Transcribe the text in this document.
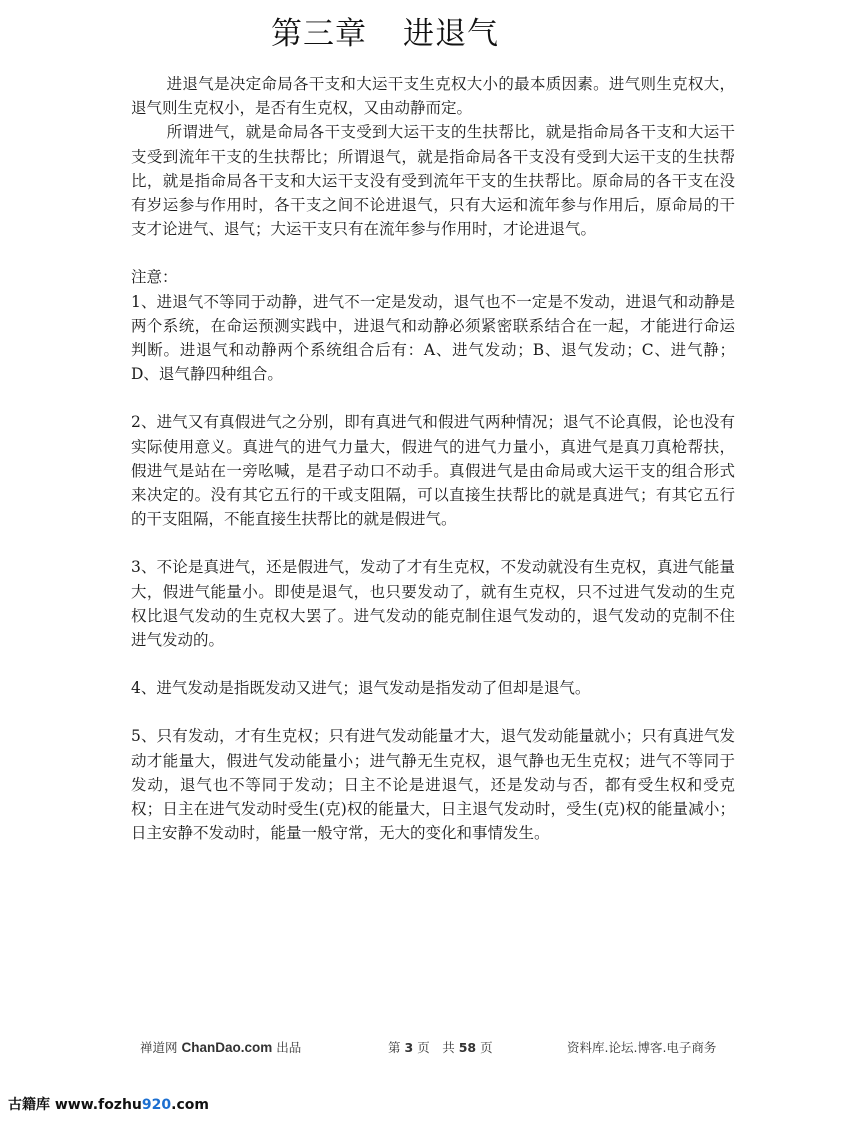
第三章 进退气

进退气是决定命局各干支和大运干支生克权大小的最本质因素。进气则生克权大，退气则生克权小，是否有生克权，又由动静而定。

所谓进气，就是命局各干支受到大运干支的生扶帮比，就是指命局各干支和大运干支受到流年干支的生扶帮比；所谓退气，就是指命局各干支没有受到大运干支的生扶帮比，就是指命局各干支和大运干支没有受到流年干支的生扶帮比。原命局的各干支在没有岁运参与作用时，各干支之间不论进退气，只有大运和流年参与作用后，原命局的干支才论进气、退气；大运干支只有在流年参与作用时，才论进退气。

注意：

1、进退气不等同于动静，进气不一定是发动，退气也不一定是不发动，进退气和动静是两个系统，在命运预测实践中，进退气和动静必须紧密联系结合在一起，才能进行命运判断。进退气和动静两个系统组合后有：A、进气发动；B、退气发动；C、进气静；D、退气静四种组合。

2、进气又有真假进气之分别，即有真进气和假进气两种情况；退气不论真假，论也没有实际使用意义。真进气的进气力量大，假进气的进气力量小，真进气是真刀真枪帮扶，假进气是站在一旁吆喊，是君子动口不动手。真假进气是由命局或大运干支的组合形式来决定的。没有其它五行的干或支阻隔，可以直接生扶帮比的就是真进气；有其它五行的干支阻隔，不能直接生扶帮比的就是假进气。

3、不论是真进气，还是假进气，发动了才有生克权，不发动就没有生克权，真进气能量大，假进气能量小。即使是退气，也只要发动了，就有生克权，只不过进气发动的生克权比退气发动的生克权大罢了。进气发动的能克制住退气发动的，退气发动的克制不住进气发动的。

4、进气发动是指既发动又进气；退气发动是指发动了但却是退气。

5、只有发动，才有生克权；只有进气发动能量才大，退气发动能量就小；只有真进气发动才能量大，假进气发动能量小；进气静无生克权，退气静也无生克权；进气不等同于发动，退气也不等同于发动；日主不论是进退气，还是发动与否，都有受生权和受克权；日主在进气发动时受生(克)权的能量大，日主退气发动时，受生(克)权的能量减小；日主安静不发动时，能量一般守常，无大的变化和事情发生。

禅道网 ChanDao.com 出品	第 3 页　共 58 页	资料库.论坛.博客.电子商务
古籍库 www.fozhu920.com
